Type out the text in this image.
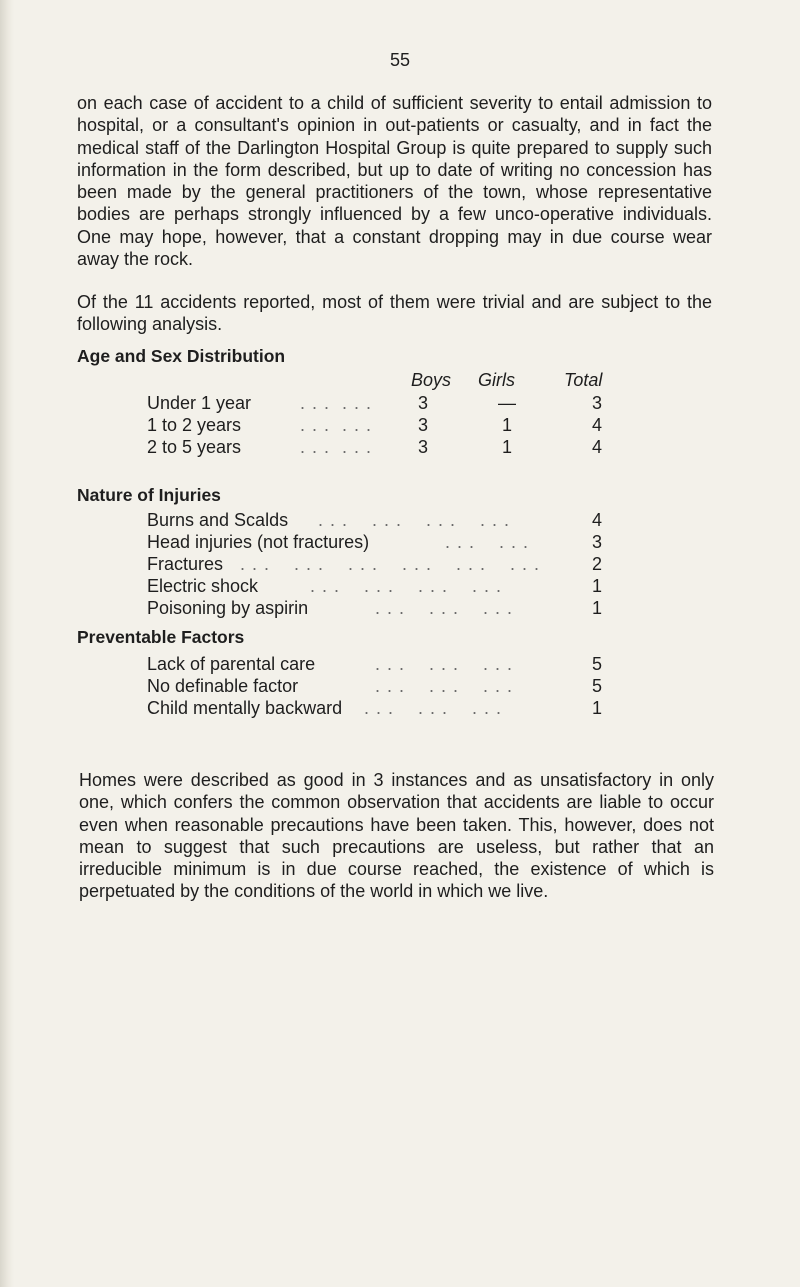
55
on each case of accident to a child of sufficient severity to entail admission to hospital, or a consultant's opinion in out-patients or casualty, and in fact the medical staff of the Darlington Hospital Group is quite prepared to supply such information in the form described, but up to date of writing no concession has been made by the general practitioners of the town, whose representative bodies are perhaps strongly influenced by a few unco-operative individuals. One may hope, however, that a constant dropping may in due course wear away the rock.
Of the 11 accidents reported, most of them were trivial and are subject to the following analysis.
Age and Sex Distribution
Boys Girls	Total
Under 1 year	. . .  . . .	3	—	3
1 to 2 years	. . .  . . .	3	1	4
2 to 5 years	. . .  . . .	3	1	4
Nature of Injuries
Burns and Scalds . . .    . . .    . . .    . . .	4
Head injuries (not fractures)	. . .    . . .	3
Fractures . . .    . . .    . . .    . . .    . . .    . . .	2
Electric shock	. . .    . . .    . . .    . . .	1
Poisoning by aspirin	. . .    . . .    . . .	1
Preventable Factors
Lack of parental care	. . .    . . .    . . .	5
No definable factor	. . .    . . .    . . .	5
Child mentally backward . . .    . . .    . . .	1
Homes were described as good in 3 instances and as unsatisfactory in only one, which confers the common observation that accidents are liable to occur even when reasonable precautions have been taken. This, however, does not mean to suggest that such precautions are useless, but rather that an irreducible minimum is in due course reached, the existence of which is perpetuated by the conditions of the world in which we live.
